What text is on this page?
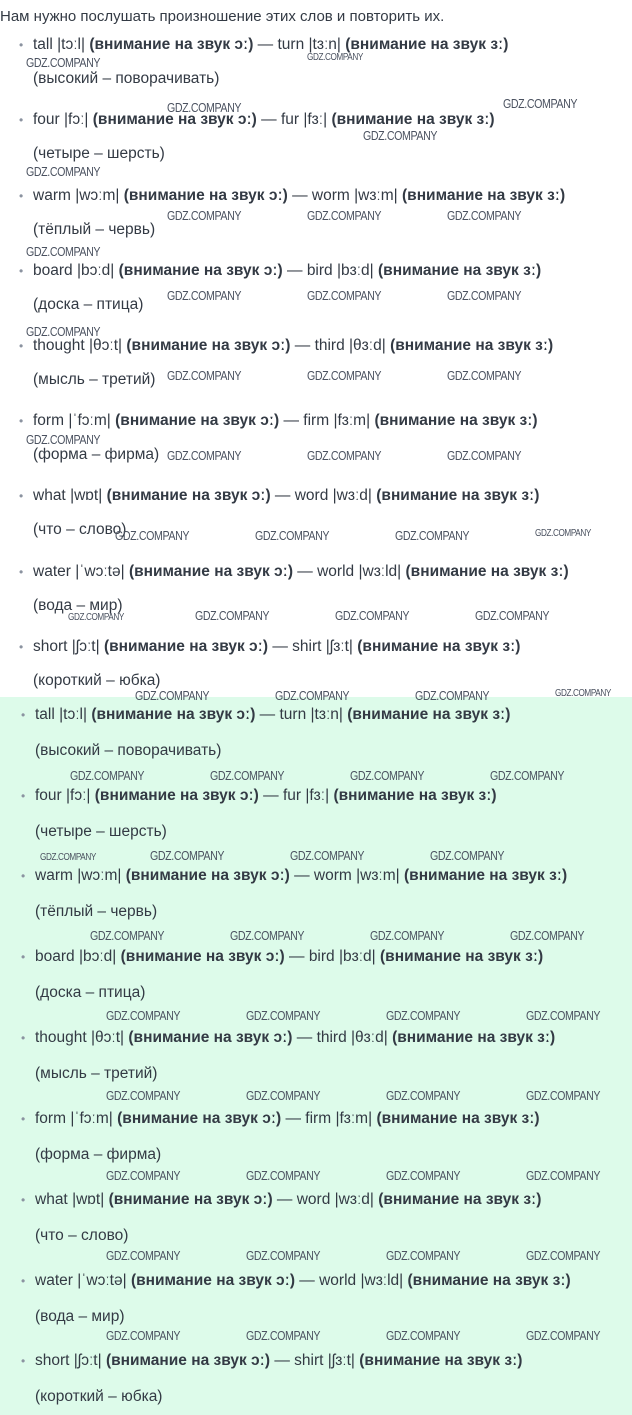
Нам нужно послушать произношение этих слов и повторить их.
• tall |tɔːl| (внимание на звук ɔː) — turn |tɜːn| (внимание на звук ɜː)
(высокий – поворачивать)
• four |fɔː| (внимание на звук ɔː) — fur |fɜː| (внимание на звук ɜː)
(четыре – шерсть)
• warm |wɔːm| (внимание на звук ɔː) — worm |wɜːm| (внимание на звук ɜː)
(тёплый – червь)
• board |bɔːd| (внимание на звук ɔː) — bird |bɜːd| (внимание на звук ɜː)
(доска – птица)
• thought |θɔːt| (внимание на звук ɔː) — third |θɜːd| (внимание на звук ɜː)
(мысль – третий)
• form |ˈfɔːm| (внимание на звук ɔː) — firm |fɜːm| (внимание на звук ɜː)
(форма – фирма)
• what |wɒt| (внимание на звук ɔː) — word |wɜːd| (внимание на звук ɜː)
(что – слово)
• water |ˈwɔːtə| (внимание на звук ɔː) — world |wɜːld| (внимание на звук ɜː)
(вода – мир)
• short |ʃɔːt| (внимание на звук ɔː) — shirt |ʃɜːt| (внимание на звук ɜː)
(короткий – юбка)
• tall |tɔːl| (внимание на звук ɔː) — turn |tɜːn| (внимание на звук ɜː)
(высокий – поворачивать)
• four |fɔː| (внимание на звук ɔː) — fur |fɜː| (внимание на звук ɜː)
(четыре – шерсть)
• warm |wɔːm| (внимание на звук ɔː) — worm |wɜːm| (внимание на звук ɜː)
(тёплый – червь)
• board |bɔːd| (внимание на звук ɔː) — bird |bɜːd| (внимание на звук ɜː)
(доска – птица)
• thought |θɔːt| (внимание на звук ɔː) — third |θɜːd| (внимание на звук ɜː)
(мысль – третий)
• form |ˈfɔːm| (внимание на звук ɔː) — firm |fɜːm| (внимание на звук ɜː)
(форма – фирма)
• what |wɒt| (внимание на звук ɔː) — word |wɜːd| (внимание на звук ɜː)
(что – слово)
• water |ˈwɔːtə| (внимание на звук ɔː) — world |wɜːld| (внимание на звук ɜː)
(вода – мир)
• short |ʃɔːt| (внимание на звук ɔː) — shirt |ʃɜːt| (внимание на звук ɜː)
(короткий – юбка)
GDZ.COMPANY	GDZ.COMPANY
GDZ.COMPANY	GDZ.COMPANY
GDZ.COMPANY
GDZ.COMPANY
GDZ.COMPANY	GDZ.COMPANY	GDZ.COMPANY
GDZ.COMPANY
GDZ.COMPANY	GDZ.COMPANY	GDZ.COMPANY
GDZ.COMPANY
GDZ.COMPANY	GDZ.COMPANY	GDZ.COMPANY
GDZ.COMPANY
GDZ.COMPANY	GDZ.COMPANY	GDZ.COMPANY
GDZ.COMPANY	GDZ.COMPANY	GDZ.COMPANY	GDZ.COMPANY
GDZ.COMPANY	GDZ.COMPANY	GDZ.COMPANY	GDZ.COMPANY
GDZ.COMPANY	GDZ.COMPANY	GDZ.COMPANY	GDZ.COMPANY
GDZ.COMPANY	GDZ.COMPANY	GDZ.COMPANY	GDZ.COMPANY
GDZ.COMPANY	GDZ.COMPANY	GDZ.COMPANY	GDZ.COMPANY
GDZ.COMPANY	GDZ.COMPANY	GDZ.COMPANY	GDZ.COMPANY
GDZ.COMPANY	GDZ.COMPANY	GDZ.COMPANY	GDZ.COMPANY
GDZ.COMPANY	GDZ.COMPANY	GDZ.COMPANY	GDZ.COMPANY
GDZ.COMPANY	GDZ.COMPANY	GDZ.COMPANY	GDZ.COMPANY
GDZ.COMPANY	GDZ.COMPANY	GDZ.COMPANY	GDZ.COMPANY
GDZ.COMPANY	GDZ.COMPANY	GDZ.COMPANY	GDZ.COMPANY
